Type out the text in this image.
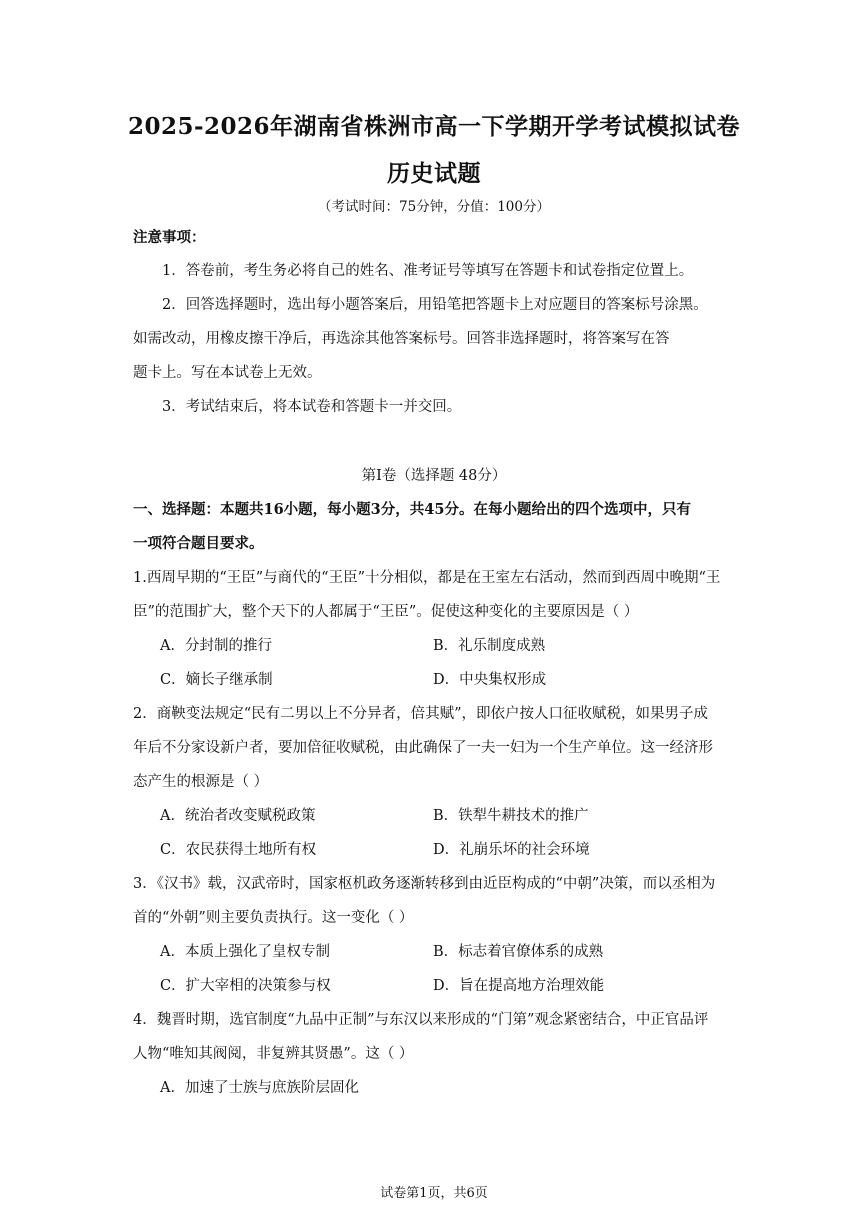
2025-2026年湖南省株洲市高一下学期开学考试模拟试卷
历史试题
（考试时间：75分钟，分值：100分）
注意事项：
1．答卷前，考生务必将自己的姓名、准考证号等填写在答题卡和试卷指定位置上。
2．回答选择题时，选出每小题答案后，用铅笔把答题卡上对应题目的答案标号涂黑。
如需改动，用橡皮擦干净后，再选涂其他答案标号。回答非选择题时，将答案写在答
题卡上。写在本试卷上无效。
3．考试结束后，将本试卷和答题卡一并交回。
第Ⅰ卷（选择题 48分）
一、选择题：本题共16小题，每小题3分，共45分。在每小题给出的四个选项中，只有
一项符合题目要求。
1.西周早期的“王臣”与商代的“王臣”十分相似，都是在王室左右活动，然而到西周中晚期“王
臣”的范围扩大，整个天下的人都属于“王臣”。促使这种变化的主要原因是（ ）
A．分封制的推行	B．礼乐制度成熟
C．嫡长子继承制	D．中央集权形成
2．商鞅变法规定“民有二男以上不分异者，倍其赋”，即依户按人口征收赋税，如果男子成
年后不分家设新户者，要加倍征收赋税，由此确保了一夫一妇为一个生产单位。这一经济形
态产生的根源是（ ）
A．统治者改变赋税政策	B．铁犁牛耕技术的推广
C．农民获得土地所有权	D．礼崩乐坏的社会环境
3．《汉书》载，汉武帝时，国家枢机政务逐渐转移到由近臣构成的“中朝”决策，而以丞相为
首的“外朝”则主要负责执行。这一变化（ ）
A．本质上强化了皇权专制	B．标志着官僚体系的成熟
C．扩大宰相的决策参与权	D．旨在提高地方治理效能
4．魏晋时期，选官制度“九品中正制”与东汉以来形成的“门第”观念紧密结合，中正官品评
人物“唯知其阀阅，非复辨其贤愚”。这（ ）
A．加速了士族与庶族阶层固化
试卷第1页，共6页
